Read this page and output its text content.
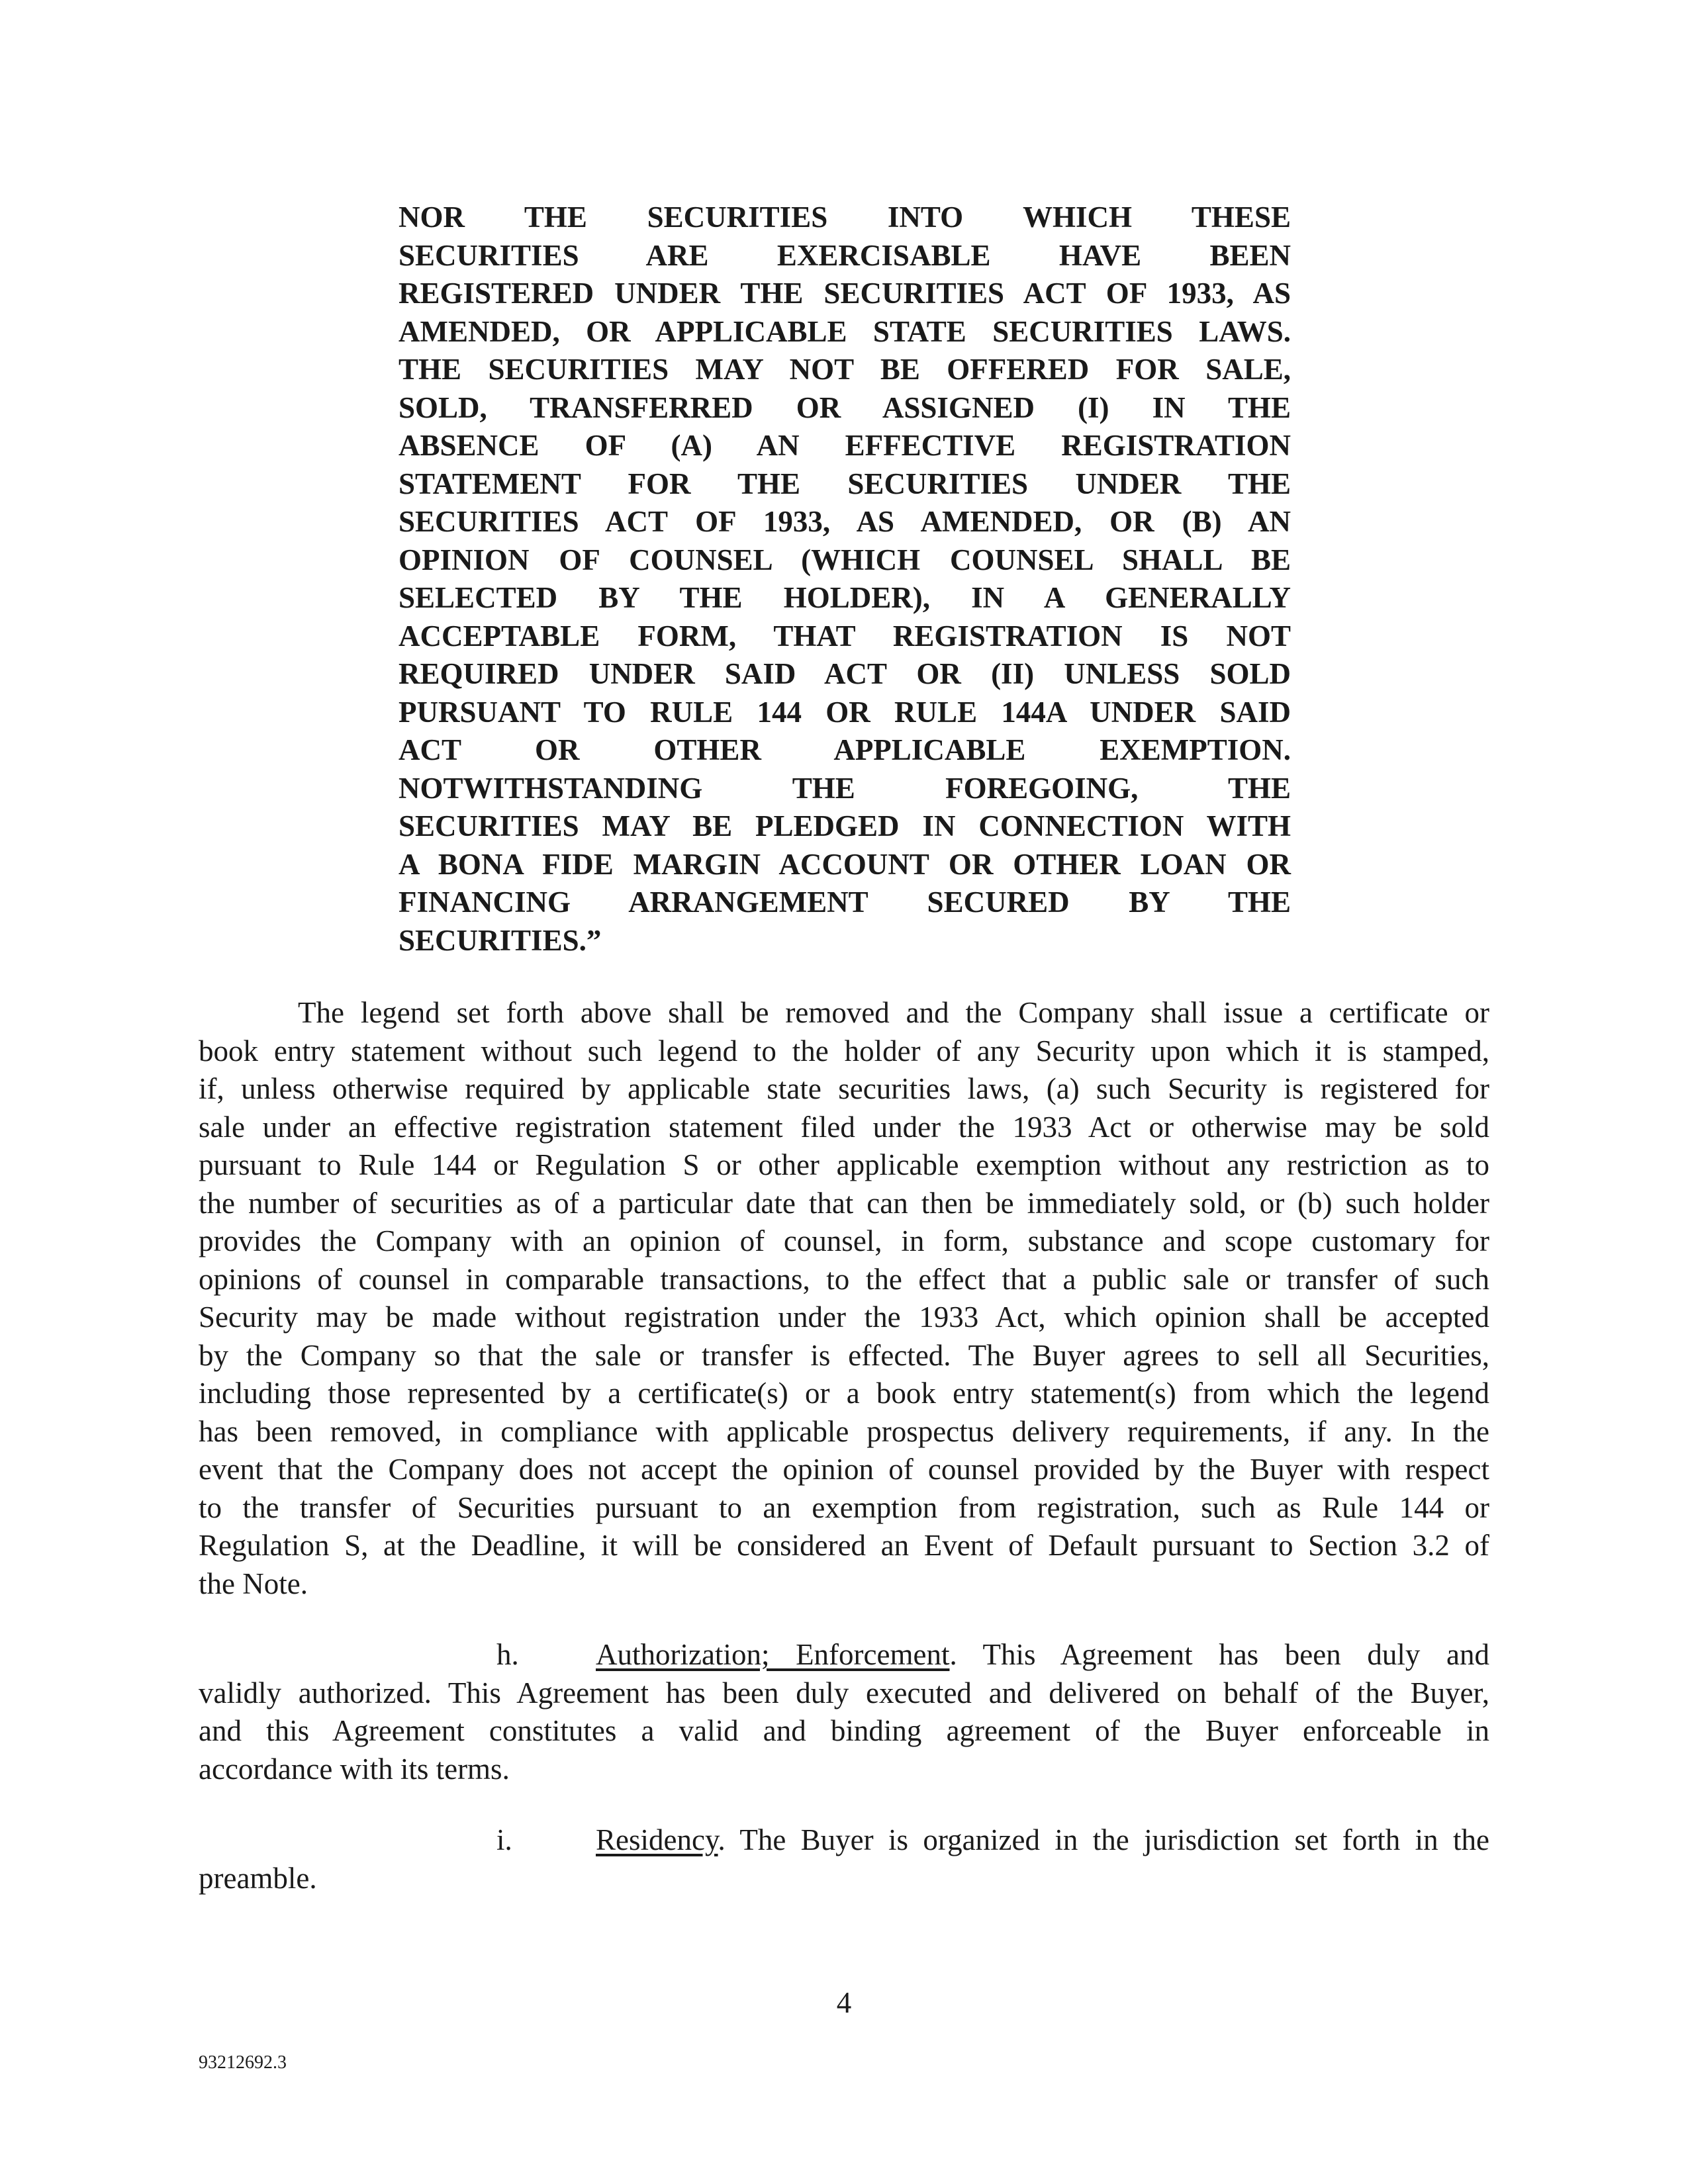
NOR THE SECURITIES INTO WHICH THESE
SECURITIES ARE EXERCISABLE HAVE BEEN
REGISTERED UNDER THE SECURITIES ACT OF 1933, AS
AMENDED, OR APPLICABLE STATE SECURITIES LAWS.
THE SECURITIES MAY NOT BE OFFERED FOR SALE,
SOLD, TRANSFERRED OR ASSIGNED (I) IN THE
ABSENCE OF (A) AN EFFECTIVE REGISTRATION
STATEMENT FOR THE SECURITIES UNDER THE
SECURITIES ACT OF 1933, AS AMENDED, OR (B) AN
OPINION OF COUNSEL (WHICH COUNSEL SHALL BE
SELECTED BY THE HOLDER), IN A GENERALLY
ACCEPTABLE FORM, THAT REGISTRATION IS NOT
REQUIRED UNDER SAID ACT OR (II) UNLESS SOLD
PURSUANT TO RULE 144 OR RULE 144A UNDER SAID
ACT OR OTHER APPLICABLE EXEMPTION.
NOTWITHSTANDING THE FOREGOING, THE
SECURITIES MAY BE PLEDGED IN CONNECTION WITH
A BONA FIDE MARGIN ACCOUNT OR OTHER LOAN OR
FINANCING ARRANGEMENT SECURED BY THE
SECURITIES.”
The legend set forth above shall be removed and the Company shall issue a certificate or
book entry statement without such legend to the holder of any Security upon which it is stamped,
if, unless otherwise required by applicable state securities laws, (a) such Security is registered for
sale under an effective registration statement filed under the 1933 Act or otherwise may be sold
pursuant to Rule 144 or Regulation S or other applicable exemption without any restriction as to
the number of securities as of a particular date that can then be immediately sold, or (b) such holder
provides the Company with an opinion of counsel, in form, substance and scope customary for
opinions of counsel in comparable transactions, to the effect that a public sale or transfer of such
Security may be made without registration under the 1933 Act, which opinion shall be accepted
by the Company so that the sale or transfer is effected. The Buyer agrees to sell all Securities,
including those represented by a certificate(s) or a book entry statement(s) from which the legend
has been removed, in compliance with applicable prospectus delivery requirements, if any. In the
event that the Company does not accept the opinion of counsel provided by the Buyer with respect
to the transfer of Securities pursuant to an exemption from registration, such as Rule 144 or
Regulation S, at the Deadline, it will be considered an Event of Default pursuant to Section 3.2 of
the Note.
h.	Authorization; Enforcement. This Agreement has been duly and
validly authorized. This Agreement has been duly executed and delivered on behalf of the Buyer,
and this Agreement constitutes a valid and binding agreement of the Buyer enforceable in
accordance with its terms.
i.	Residency. The Buyer is organized in the jurisdiction set forth in the
preamble.
4
93212692.3
